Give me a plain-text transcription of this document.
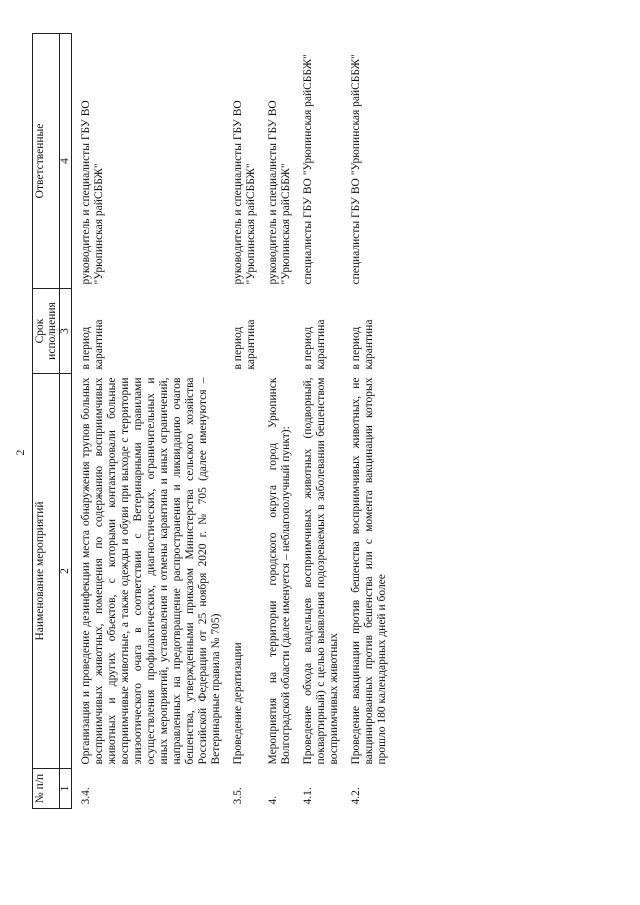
2
№ п/п	Наименование мероприятий	Срок исполнения	Ответственные
1	2	3	4
3.4.	Организация и проведение дезинфекции места обнаружения трупов больных восприимчивых животных, помещения по содержанию восприимчивых животных и других объектов, с которыми контактировали больные восприимчивые животные, а также одежды и обуви при выходе с территории эпизоотического очага в соответствии с Ветеринарными правилами осуществления профилактических, диагностических, ограничительных и иных мероприятий, установления и отмены карантина и иных ограничений, направленных на предотвращение распространения и ликвидацию очагов бешенства, утвержденными приказом Министерства сельского хозяйства Российской Федерации от 25 ноября 2020 г. № 705 (далее именуются – Ветеринарные правила № 705)	в период карантина	руководитель и специалисты ГБУ ВО "Урюпинская райСББЖ"
3.5.	Проведение дератизации	в период карантина	руководитель и специалисты ГБУ ВО "Урюпинская райСББЖ"
4.	Мероприятия на территории городского округа город Урюпинск Волгоградской области (далее именуется – неблагополучный пункт):		руководитель и специалисты ГБУ ВО "Урюпинская райСББЖ"
4.1.	Проведение обхода владельцев восприимчивых животных (подворный, поквартирный) с целью выявления подозреваемых в заболевании бешенством восприимчивых животных	в период карантина	специалисты ГБУ ВО "Урюпинская райСББЖ"
4.2.	Проведение вакцинации против бешенства восприимчивых животных, не вакцинированных против бешенства или с момента вакцинации которых прошло 180 календарных дней и более	в период карантина	специалисты ГБУ ВО "Урюпинская райСББЖ"
